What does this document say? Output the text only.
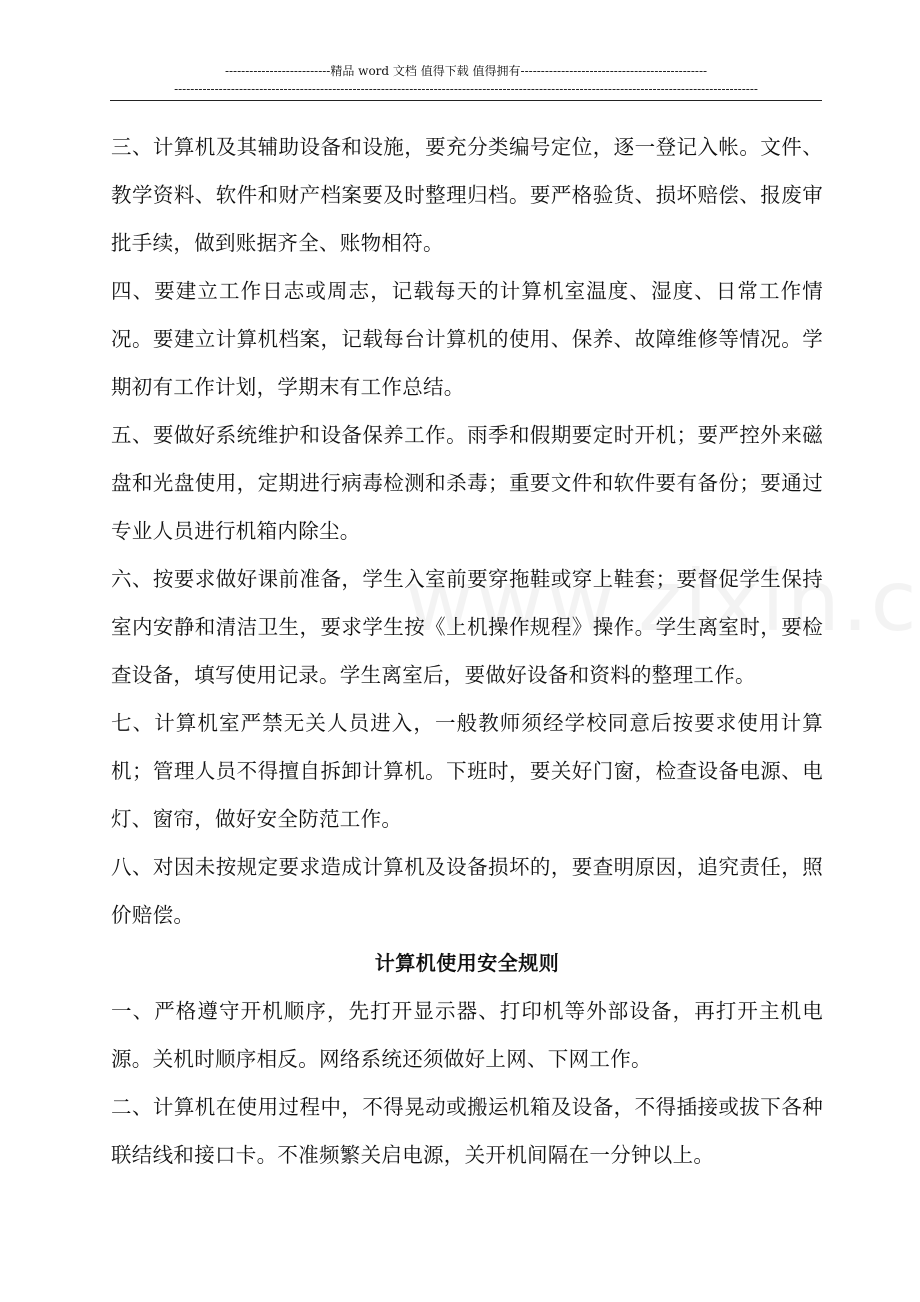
--------------------------精品 word 文档 值得下载 值得拥有----------------------------------------------
------------------------------------------------------------------------------------------------------------------------------------------------

三、计算机及其辅助设备和设施，要充分类编号定位，逐一登记入帐。文件、教学资料、软件和财产档案要及时整理归档。要严格验货、损坏赔偿、报废审批手续，做到账据齐全、账物相符。

四、要建立工作日志或周志，记载每天的计算机室温度、湿度、日常工作情况。要建立计算机档案，记载每台计算机的使用、保养、故障维修等情况。学期初有工作计划，学期末有工作总结。

五、要做好系统维护和设备保养工作。雨季和假期要定时开机；要严控外来磁盘和光盘使用，定期进行病毒检测和杀毒；重要文件和软件要有备份；要通过专业人员进行机箱内除尘。

六、按要求做好课前准备，学生入室前要穿拖鞋或穿上鞋套；要督促学生保持室内安静和清洁卫生，要求学生按《上机操作规程》操作。学生离室时，要检查设备，填写使用记录。学生离室后，要做好设备和资料的整理工作。

七、计算机室严禁无关人员进入，一般教师须经学校同意后按要求使用计算机；管理人员不得擅自拆卸计算机。下班时，要关好门窗，检查设备电源、电灯、窗帘，做好安全防范工作。

八、对因未按规定要求造成计算机及设备损坏的，要查明原因，追究责任，照价赔偿。

计算机使用安全规则

一、严格遵守开机顺序，先打开显示器、打印机等外部设备，再打开主机电源。关机时顺序相反。网络系统还须做好上网、下网工作。

二、计算机在使用过程中，不得晃动或搬运机箱及设备，不得插接或拔下各种联结线和接口卡。不准频繁关启电源，关开机间隔在一分钟以上。
